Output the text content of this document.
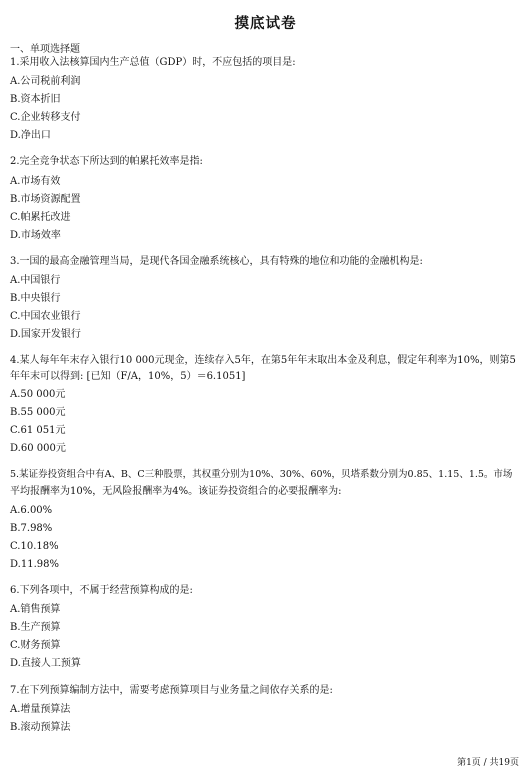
摸底试卷
一、单项选择题
1.采用收入法核算国内生产总值（GDP）时，不应包括的项目是:
A.公司税前利润
B.资本折旧
C.企业转移支付
D.净出口
2.完全竞争状态下所达到的帕累托效率是指:
A.市场有效
B.市场资源配置
C.帕累托改进
D.市场效率
3.一国的最高金融管理当局，是现代各国金融系统核心，具有特殊的地位和功能的金融机构是:
A.中国银行
B.中央银行
C.中国农业银行
D.国家开发银行
4.某人每年年末存入银行10 000元现金，连续存入5年，在第5年年末取出本金及利息，假定年利率为10%，则第5
年年末可以得到: [已知（F/A，10%，5）＝6.1051]
A.50 000元
B.55 000元
C.61 051元
D.60 000元
5.某证券投资组合中有A、B、C三种股票，其权重分别为10%、30%、60%，贝塔系数分别为0.85、1.15、1.5。市场
平均报酬率为10%，无风险报酬率为4%。该证券投资组合的必要报酬率为:
A.6.00%
B.7.98%
C.10.18%
D.11.98%
6.下列各项中，不属于经营预算构成的是:
A.销售预算
B.生产预算
C.财务预算
D.直接人工预算
7.在下列预算编制方法中，需要考虑预算项目与业务量之间依存关系的是:
A.增量预算法
B.滚动预算法
第1页 / 共19页
